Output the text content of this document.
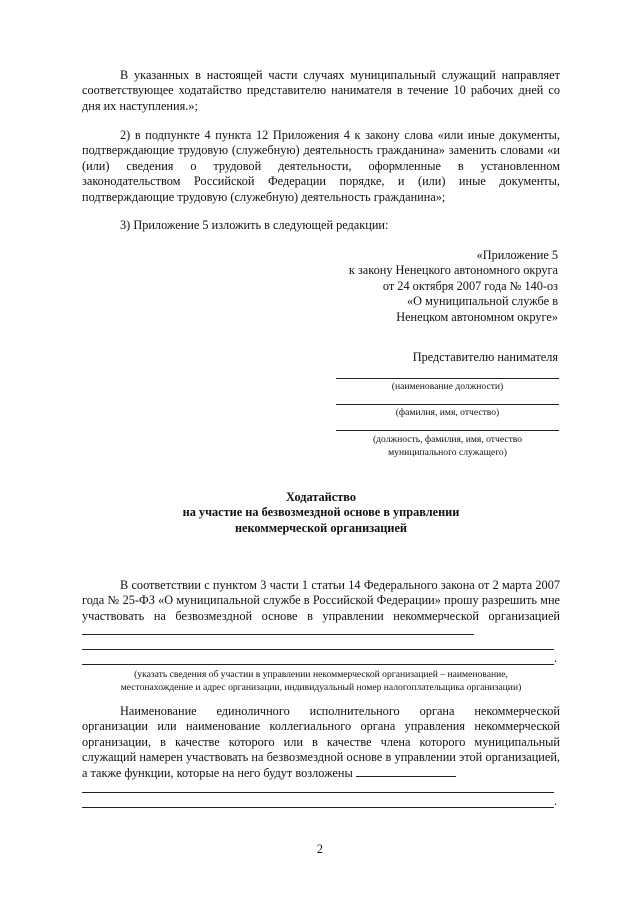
В указанных в настоящей части случаях муниципальный служащий направляет соответствующее ходатайство представителю нанимателя в течение 10 рабочих дней со дня их наступления.»;

2) в подпункте 4 пункта 12 Приложения 4 к закону слова «или иные документы, подтверждающие трудовую (служебную) деятельность гражданина» заменить словами «и (или) сведения о трудовой деятельности, оформленные в установленном законодательством Российской Федерации порядке, и (или) иные документы, подтверждающие трудовую (служебную) деятельность гражданина»;

3) Приложение 5 изложить в следующей редакции:

«Приложение 5
к закону Ненецкого автономного округа
от 24 октября 2007 года № 140-оз
«О муниципальной службе в
Ненецком автономном округе»
Представителю нанимателя
(наименование должности)
(фамилия, имя, отчество)
(должность, фамилия, имя, отчество
муниципального служащего)
Ходатайство
на участие на безвозмездной основе в управлении
некоммерческой организацией

В соответствии с пунктом 3 части 1 статьи 14 Федерального закона от 2 марта 2007 года № 25-ФЗ «О муниципальной службе в Российской Федерации» прошу разрешить мне участвовать на безвозмездной основе в управлении некоммерческой организацией

.
(указать сведения об участии в управлении некоммерческой организацией – наименование,
местонахождение и адрес организации, индивидуальный номер налогоплательщика организации)

Наименование единоличного исполнительного органа некоммерческой организации или наименование коллегиального органа управления некоммерческой организации, в качестве которого или в качестве члена которого муниципальный служащий намерен участвовать на безвозмездной основе в управлении этой организацией, а также функции, которые на него будут возложены

.
2
